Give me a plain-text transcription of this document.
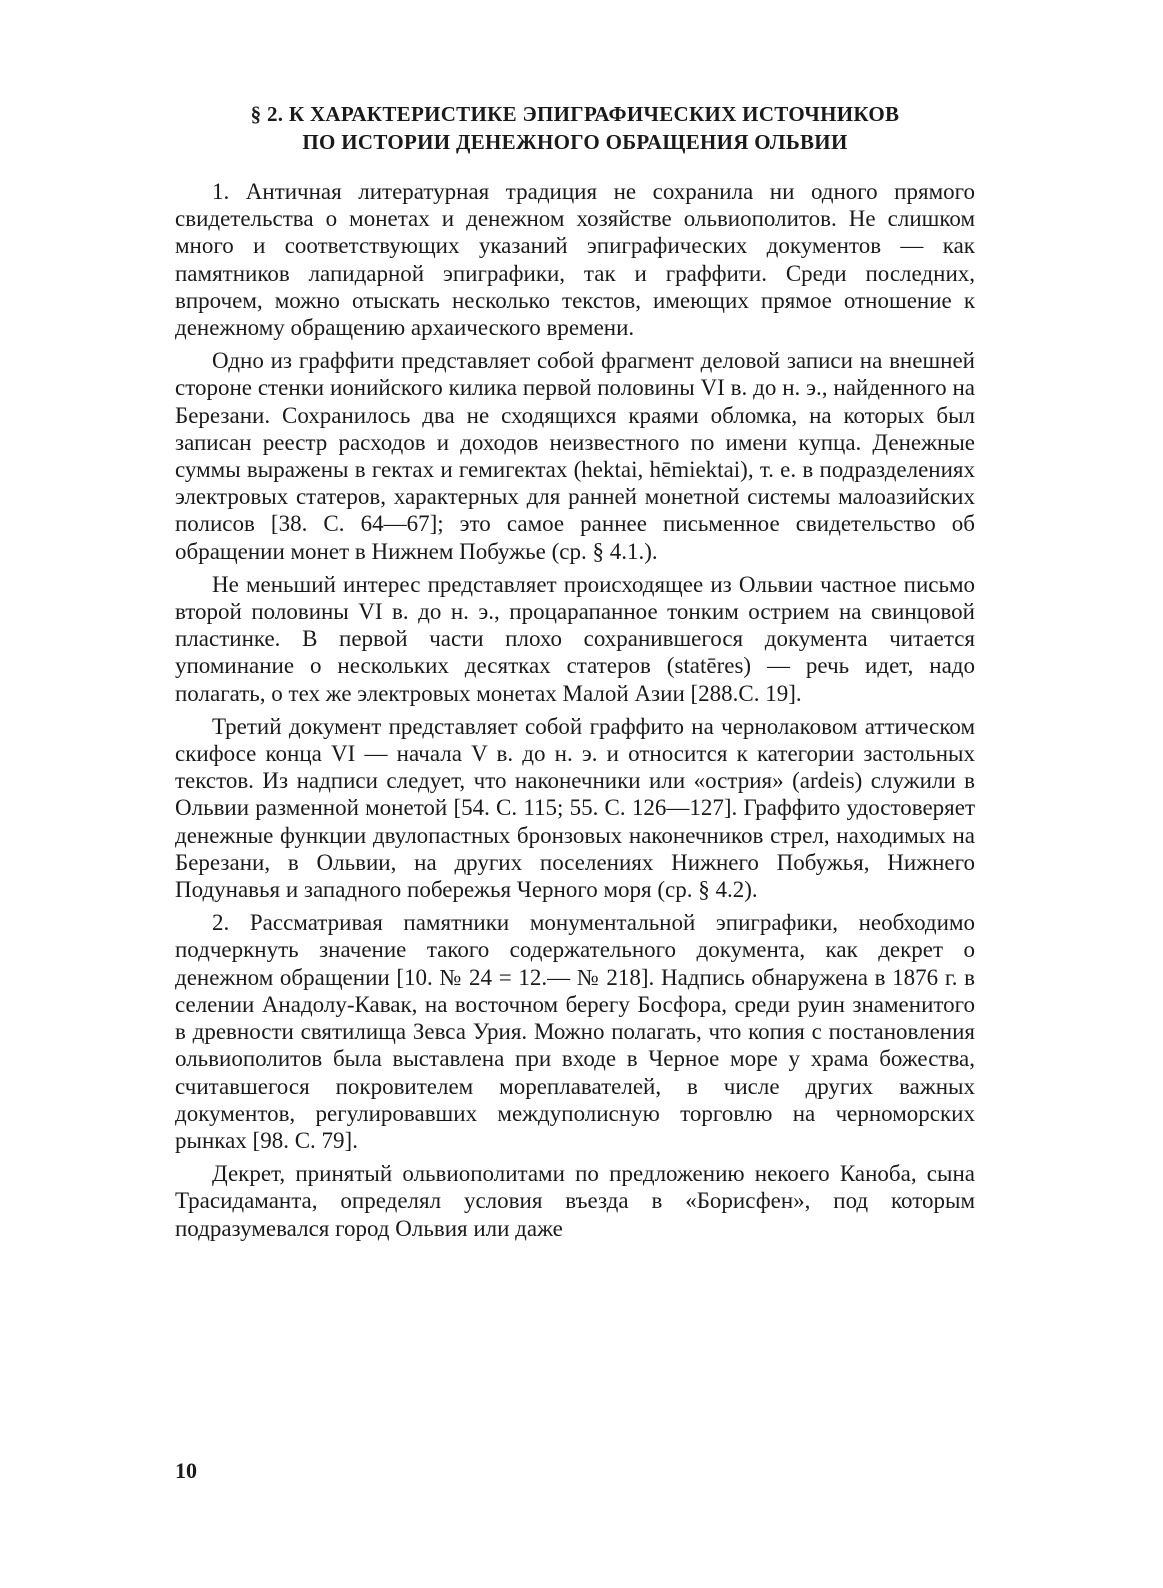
§ 2. К ХАРАКТЕРИСТИКЕ ЭПИГРАФИЧЕСКИХ ИСТОЧНИКОВ
ПО ИСТОРИИ ДЕНЕЖНОГО ОБРАЩЕНИЯ ОЛЬВИИ

1. Античная литературная традиция не сохранила ни одного прямого свидетельства о монетах и денежном хозяйстве ольвиополитов. Не слишком много и соответствующих указаний эпиграфических документов — как памятников лапидарной эпиграфики, так и граффити. Среди последних, впрочем, можно отыскать несколько текстов, имеющих прямое отношение к денежному обращению архаического времени.

Одно из граффити представляет собой фрагмент деловой записи на внешней стороне стенки ионийского килика первой половины VI в. до н. э., найденного на Березани. Сохранилось два не сходящихся краями обломка, на которых был записан реестр расходов и доходов неизвестного по имени купца. Денежные суммы выражены в гектах и гемигектах (hektai, hēmiektai), т. е. в подразделениях электровых статеров, характерных для ранней монетной системы малоазийских полисов [38. С. 64—67]; это самое раннее письменное свидетельство об обращении монет в Нижнем Побужье (ср. § 4.1.).

Не меньший интерес представляет происходящее из Ольвии частное письмо второй половины VI в. до н. э., процарапанное тонким острием на свинцовой пластинке. В первой части плохо сохранившегося документа читается упоминание о нескольких десятках статеров (statēres) — речь идет, надо полагать, о тех же электровых монетах Малой Азии [288.С. 19].

Третий документ представляет собой граффито на чернолаковом аттическом скифосе конца VI — начала V в. до н. э. и относится к категории застольных текстов. Из надписи следует, что наконечники или «острия» (ardeis) служили в Ольвии разменной монетой [54. С. 115; 55. С. 126—127]. Граффито удостоверяет денежные функции двулопастных бронзовых наконечников стрел, находимых на Березани, в Ольвии, на других поселениях Нижнего Побужья, Нижнего Подунавья и западного побережья Черного моря (ср. § 4.2).

2. Рассматривая памятники монументальной эпиграфики, необходимо подчеркнуть значение такого содержательного документа, как декрет о денежном обращении [10. № 24 = 12.— № 218]. Надпись обнаружена в 1876 г. в селении Анадолу-Кавак, на восточном берегу Босфора, среди руин знаменитого в древности святилища Зевса Урия. Можно полагать, что копия с постановления ольвиополитов была выставлена при входе в Черное море у храма божества, считавшегося покровителем мореплавателей, в числе других важных документов, регулировавших междуполисную торговлю на черноморских рынках [98. С. 79].

Декрет, принятый ольвиополитами по предложению некоего Каноба, сына Трасидаманта, определял условия въезда в «Борисфен», под которым подразумевался город Ольвия или даже

10
